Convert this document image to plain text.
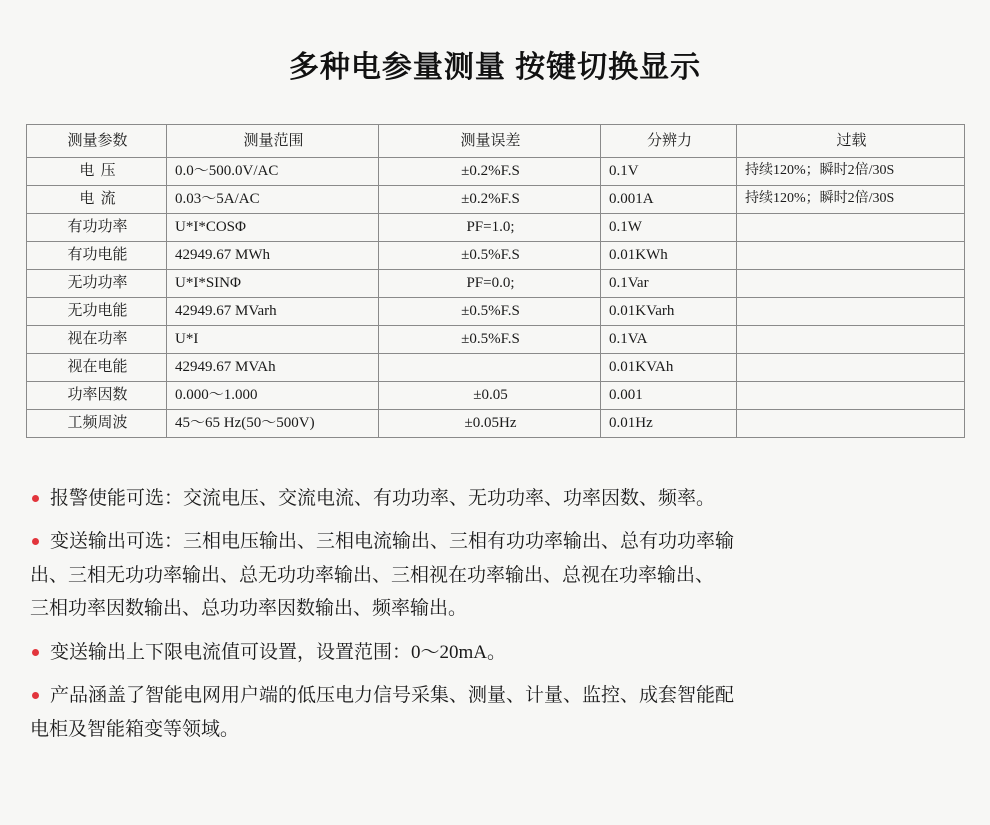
多种电参量测量 按键切换显示
测量参数	测量范围	测量误差	分辨力	过载
电压	0.0～500.0V/AC	±0.2%F.S	0.1V	持续120%；瞬时2倍/30S
电流	0.03～5A/AC	±0.2%F.S	0.001A	持续120%；瞬时2倍/30S
有功功率	U*I*COSΦ	PF=1.0;	0.1W	
有功电能	42949.67 MWh	±0.5%F.S	0.01KWh	
无功功率	U*I*SINΦ	PF=0.0;	0.1Var	
无功电能	42949.67 MVarh	±0.5%F.S	0.01KVarh	
视在功率	U*I	±0.5%F.S	0.1VA	
视在电能	42949.67 MVAh		0.01KVAh	
功率因数	0.000～1.000	±0.05	0.001	
工频周波	45～65 Hz(50～500V)	±0.05Hz	0.01Hz	

报警使能可选：交流电压、交流电流、有功功率、无功功率、功率因数、频率。

变送输出可选：三相电压输出、三相电流输出、三相有功功率输出、总有功功率输

出、三相无功功率输出、总无功功率输出、三相视在功率输出、总视在功率输出、

三相功率因数输出、总功功率因数输出、频率输出。

变送输出上下限电流值可设置，设置范围：0～20mA。

产品涵盖了智能电网用户端的低压电力信号采集、测量、计量、监控、成套智能配

电柜及智能箱变等领域。
